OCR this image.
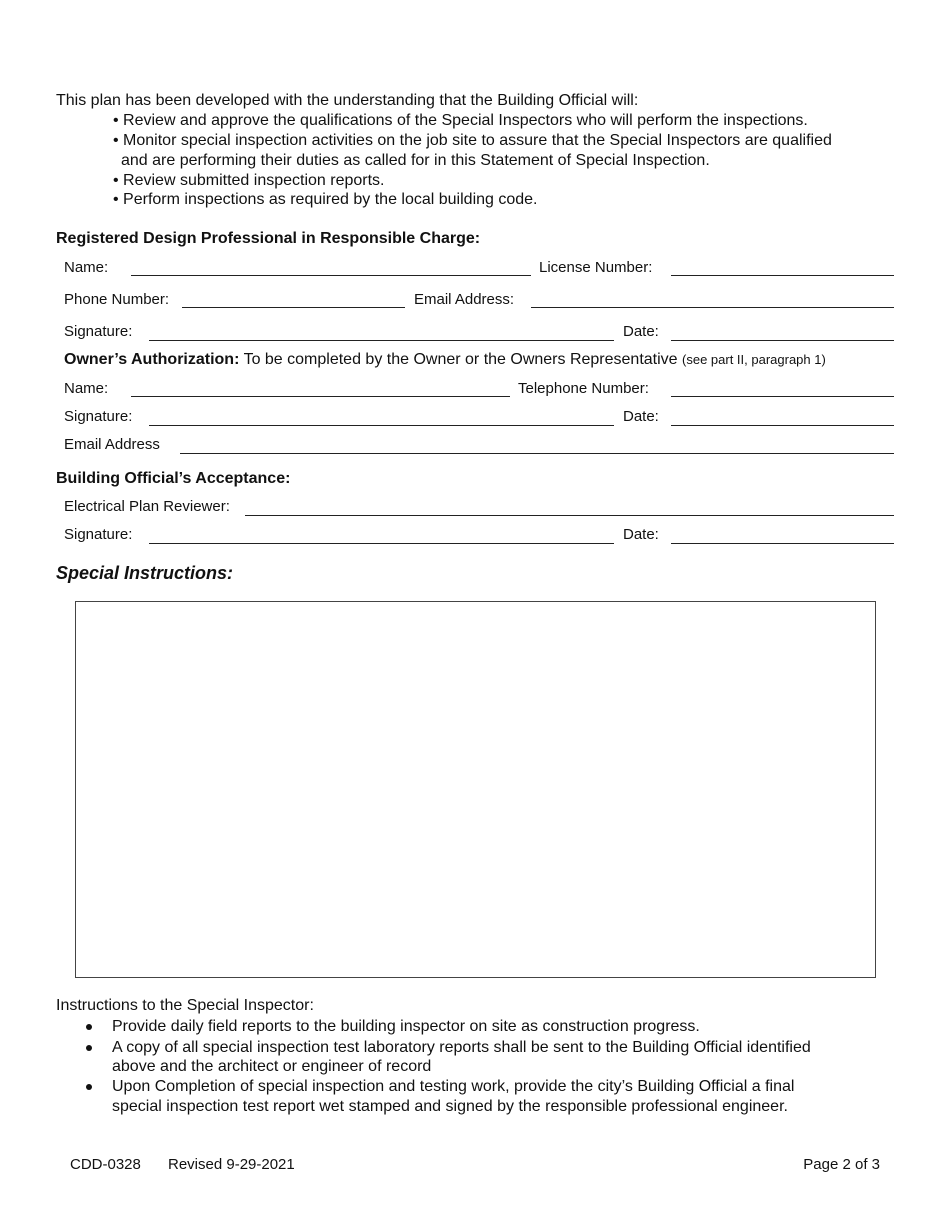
This plan has been developed with the understanding that the Building Official will:
• Review and approve the qualifications of the Special Inspectors who will perform the inspections.
• Monitor special inspection activities on the job site to assure that the Special Inspectors are qualified
and are performing their duties as called for in this Statement of Special Inspection.
• Review submitted inspection reports.
• Perform inspections as required by the local building code.
Registered Design Professional in Responsible Charge:
Name:	License Number:
Phone Number:	Email Address:
Signature:	Date:
Owner’s Authorization: To be completed by the Owner or the Owners Representative (see part II, paragraph 1)
Name:	Telephone Number:
Signature:	Date:
Email Address
Building Official’s Acceptance:
Electrical Plan Reviewer:
Signature:	Date:
Special Instructions:
Instructions to the Special Inspector:
Provide daily field reports to the building inspector on site as construction progress.
A copy of all special inspection test laboratory reports shall be sent to the Building Official identified
above and the architect or engineer of record
Upon Completion of special inspection and testing work, provide the city’s Building Official a final
special inspection test report wet stamped and signed by the responsible professional engineer.
CDD-0328 Revised 9-29-2021	Page 2 of 3
